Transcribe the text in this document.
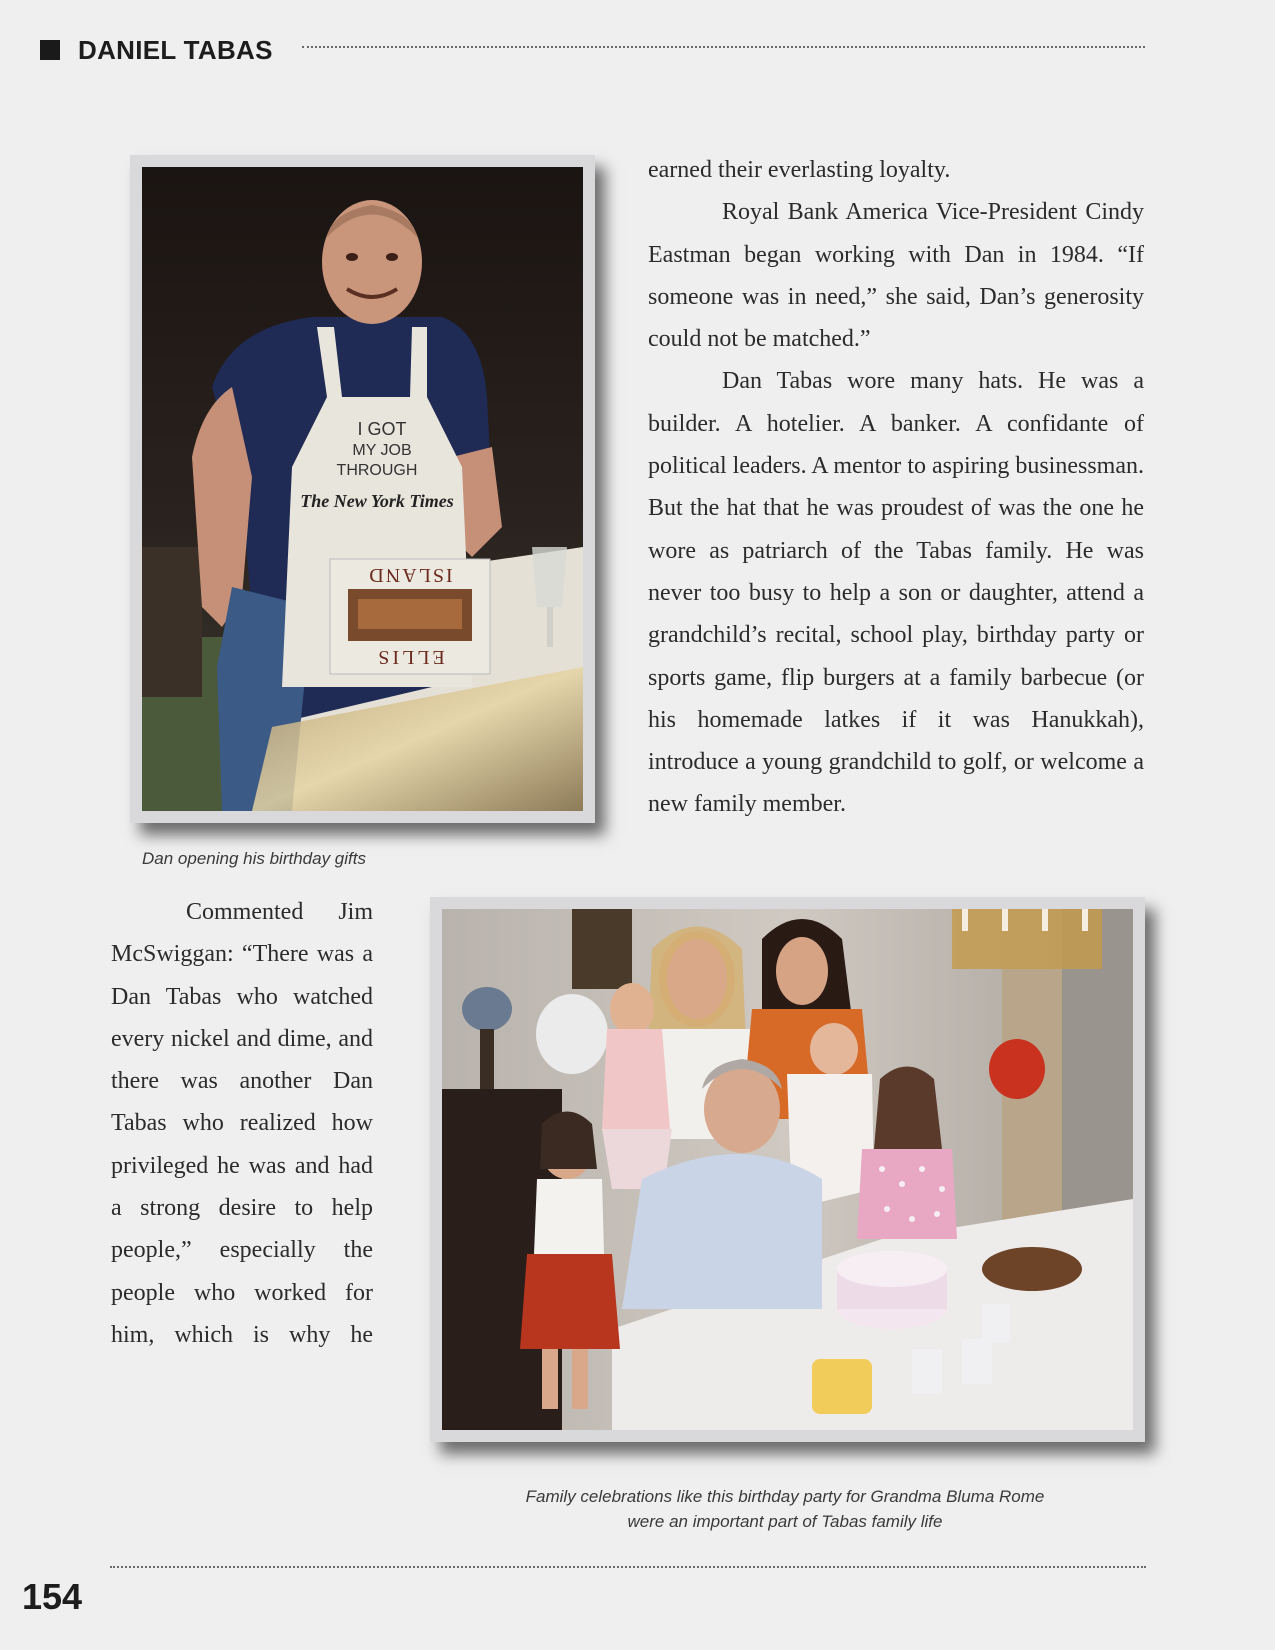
DANIEL TABAS
I GOT
MY JOB
THROUGH
The New York Times
ISLAND
ELLIS
Dan opening his birthday gifts

earned their everlasting loyalty.

Royal Bank America Vice-President Cindy Eastman began working with Dan in 1984. “If someone was in need,” she said, Dan’s generosity could not be matched.”

Dan Tabas wore many hats. He was a builder. A hotelier. A banker. A confidante of political leaders. A mentor to aspiring businessman. But the hat that he was proudest of was the one he wore as patriarch of the Tabas family. He was never too busy to help a son or daughter, attend a grandchild’s recital, school play, birthday party or sports game, flip burgers at a family barbecue (or his homemade latkes if it was Hanukkah), introduce a young grandchild to golf, or welcome a new family member.

Commented Jim McSwiggan: “There was a Dan Tabas who watched every nickel and dime, and there was another Dan Tabas who realized how privileged he was and had a strong desire to help people,” especially the people who worked for him, which is why he

Family celebrations like this birthday party for Grandma Bluma Rome
were an important part of Tabas family life
154
